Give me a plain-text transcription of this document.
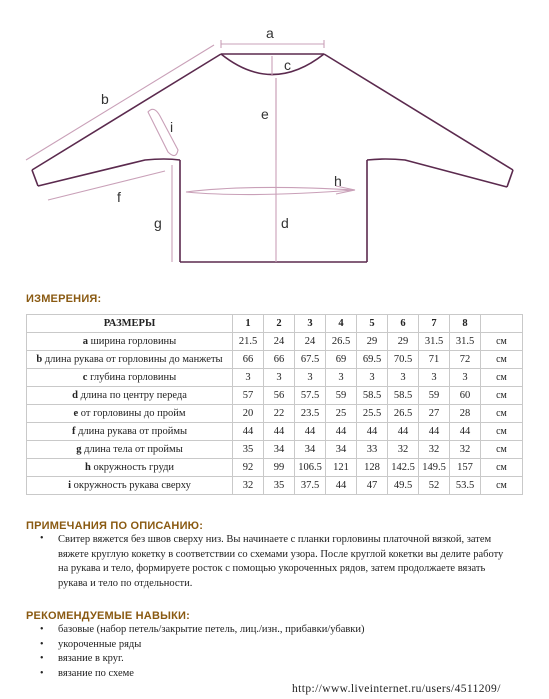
a
b
c
d
e
f
g
h
i
ИЗМЕРЕНИЯ:
РАЗМЕРЫ	1	2	3	4	5	6	7	8	
a ширина горловины	21.5	24	24	26.5	29	29	31.5	31.5	см
b длина рукава от горловины до манжеты	66	66	67.5	69	69.5	70.5	71	72	см
c глубина горловины	3	3	3	3	3	3	3	3	см
d длина по центру переда	57	56	57.5	59	58.5	58.5	59	60	см
e от горловины до пройм	20	22	23.5	25	25.5	26.5	27	28	см
f длина рукава от проймы	44	44	44	44	44	44	44	44	см
g длина тела от проймы	35	34	34	34	33	32	32	32	см
h окружность груди	92	99	106.5	121	128	142.5	149.5	157	см
i окружность рукава сверху	32	35	37.5	44	47	49.5	52	53.5	см
ПРИМЕЧАНИЯ ПО ОПИСАНИЮ:
• Свитер вяжется без швов сверху низ. Вы начинаете с планки горловины платочной вязкой, затем вяжете круглую кокетку в соответствии со схемами узора. После круглой кокетки вы делите работу на рукава и тело, формируете росток с помощью укороченных рядов, затем продолжаете вязать рукава и тело по отдельности.
РЕКОМЕНДУЕМЫЕ НАВЫКИ:
• базовые (набор петель/закрытие петель, лиц./изн., прибавки/убавки)
• укороченные ряды
• вязание в круг.
• вязание по схеме
http://www.liveinternet.ru/users/4511209/
